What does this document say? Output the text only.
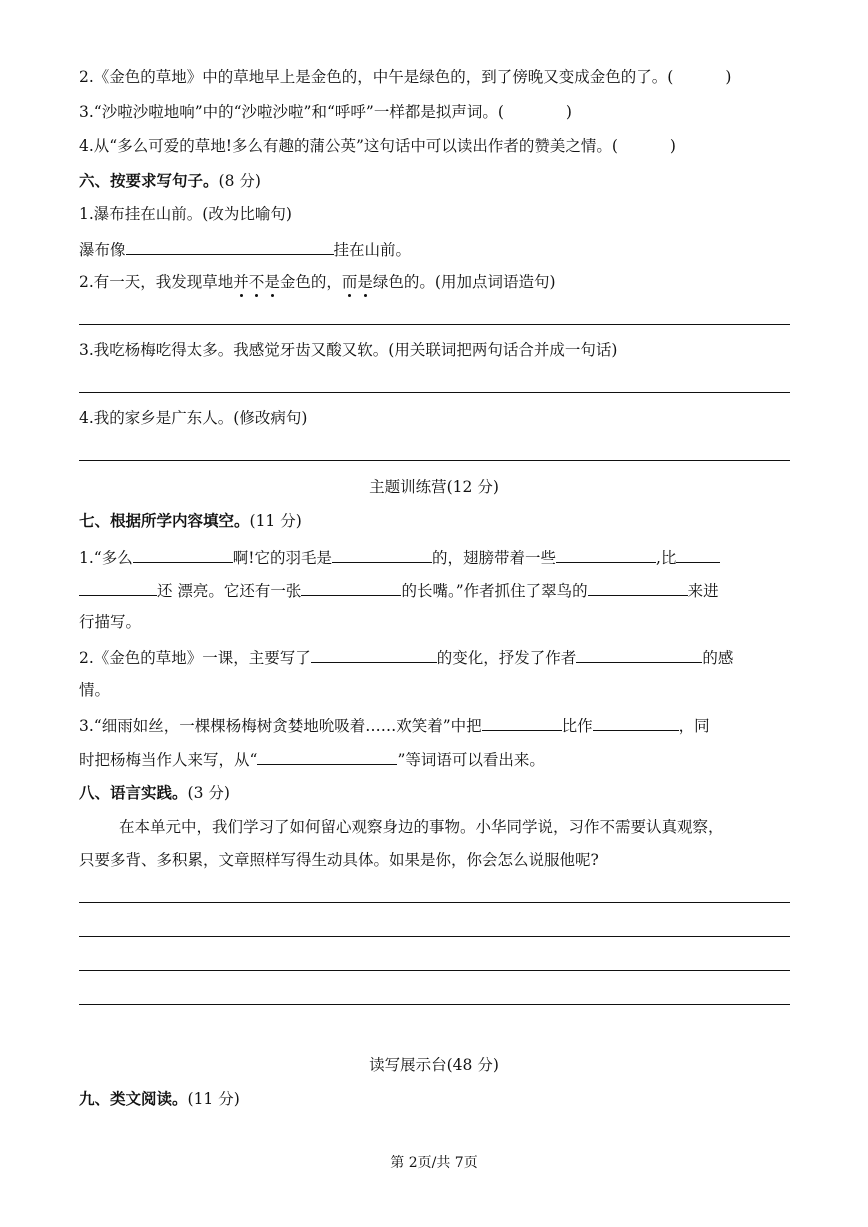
2.《金色的草地》中的草地早上是金色的，中午是绿色的，到了傍晚又变成金色的了。(	)
3.“沙啦沙啦地响”中的“沙啦沙啦”和“呼呼”一样都是拟声词。(	)
4.从“多么可爱的草地!多么有趣的蒲公英”这句话中可以读出作者的赞美之情。(	)
六、按要求写句子。(8 分)
1.瀑布挂在山前。(改为比喻句)
瀑布像	挂在山前。
2.有一天，我发现草地并不是金色的，而是绿色的。(用加点词语造句)
3.我吃杨梅吃得太多。我感觉牙齿又酸又软。(用关联词把两句话合并成一句话)
4.我的家乡是广东人。(修改病句)
主题训练营(12 分)
七、根据所学内容填空。(11 分)
1.“多么	啊!它的羽毛是	的，翅膀带着一些	,比
还 漂亮。它还有一张	的长嘴。”作者抓住了翠鸟的	来进
行描写。
2.《金色的草地》一课，主要写了	的变化，抒发了作者	的感
情。
3.“细雨如丝，一棵棵杨梅树贪婪地吮吸着……欢笑着”中把	比作	，同
时把杨梅当作人来写，从“	”等词语可以看出来。
八、语言实践。(3 分)
在本单元中，我们学习了如何留心观察身边的事物。小华同学说，习作不需要认真观察，
只要多背、多积累，文章照样写得生动具体。如果是你，你会怎么说服他呢?
读写展示台(48 分)
九、类文阅读。(11 分)
第 2页/共 7页
